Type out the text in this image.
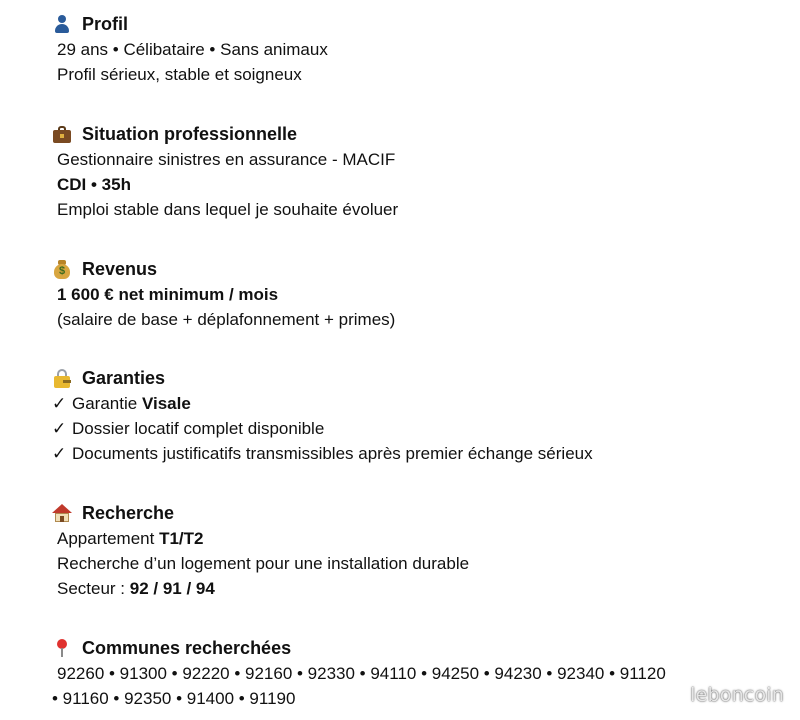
Profil
29 ans • Célibataire • Sans animaux
Profil sérieux, stable et soigneux
Situation professionnelle
Gestionnaire sinistres en assurance - MACIF
CDI • 35h
Emploi stable dans lequel je souhaite évoluer
$ Revenus
1 600 € net minimum / mois
(salaire de base + déplafonnement + primes)
Garanties
✓ Garantie Visale
✓ Dossier locatif complet disponible
✓ Documents justificatifs transmissibles après premier échange sérieux
Recherche
Appartement T1/T2
Recherche d’un logement pour une installation durable
Secteur : 92 / 91 / 94
Communes recherchées
92260 • 91300 • 92220 • 92160 • 92330 • 94110 • 94250 • 94230 • 92340 • 91120
• 91160 • 92350 • 91400 • 91190	leboncoin
